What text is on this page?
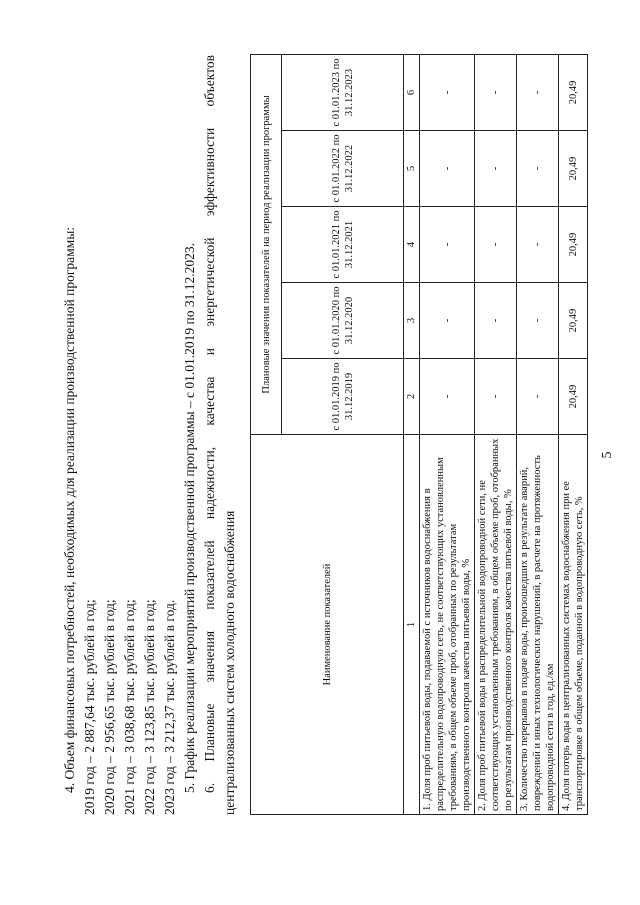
5

4. Объем финансовых потребностей, необходимых для реализации производственной программы: 2019 год – 2 887,64 тыс. рублей в год; 2020 год – 2 956,65 тыс. рублей в год; 2021 год – 3 038,68 тыс. рублей в год; 2022 год – 3 123,85 тыс. рублей в год; 2023 год – 3 212,37 тыс. рублей в год. 5. График реализации мероприятий производственной программы – с 01.01.2019 по 31.12.2023. 6. Плановые значения показателей надежности, качества и энергетической эффективности объектов централизованных систем холодного водоснабжения	Наименование показателей	Плановые значения показателей на период реализации программы				
	с 01.01.2019 по 31.12.2019	с 01.01.2020 по 31.12.2020	с 01.01.2021 по 31.12.2021	с 01.01.2022 по 31.12.2022	с 01.01.2023 по 31.12.2023
1	2	3	4	5	6
1. Доля проб питьевой воды, подаваемой с источников водоснабжения в распределительную водопроводную сеть, не соответствующих установленным требованиям, в общем объеме проб, отобранных по результатам производственного контроля качества питьевой воды, %	-	-	-	-	-
2. Доля проб питьевой воды в распределительной водопроводной сети, не соответствующих установленным требованиям, в общем объеме проб, отобранных по результатам производственного контроля качества питьевой воды, %	-	-	-	-	-
3. Количество перерывов в подаче воды, произошедших в результате аварий, повреждений и иных технологических нарушений, в расчете на протяженность водопроводной сети в год, ед./км	-	-	-	-	-
4. Доля потерь воды в централизованных системах водоснабжения при ее транспортировке в общем объеме, поданной в водопроводную сеть, %	20,49	20,49	20,49	20,49	20,49
